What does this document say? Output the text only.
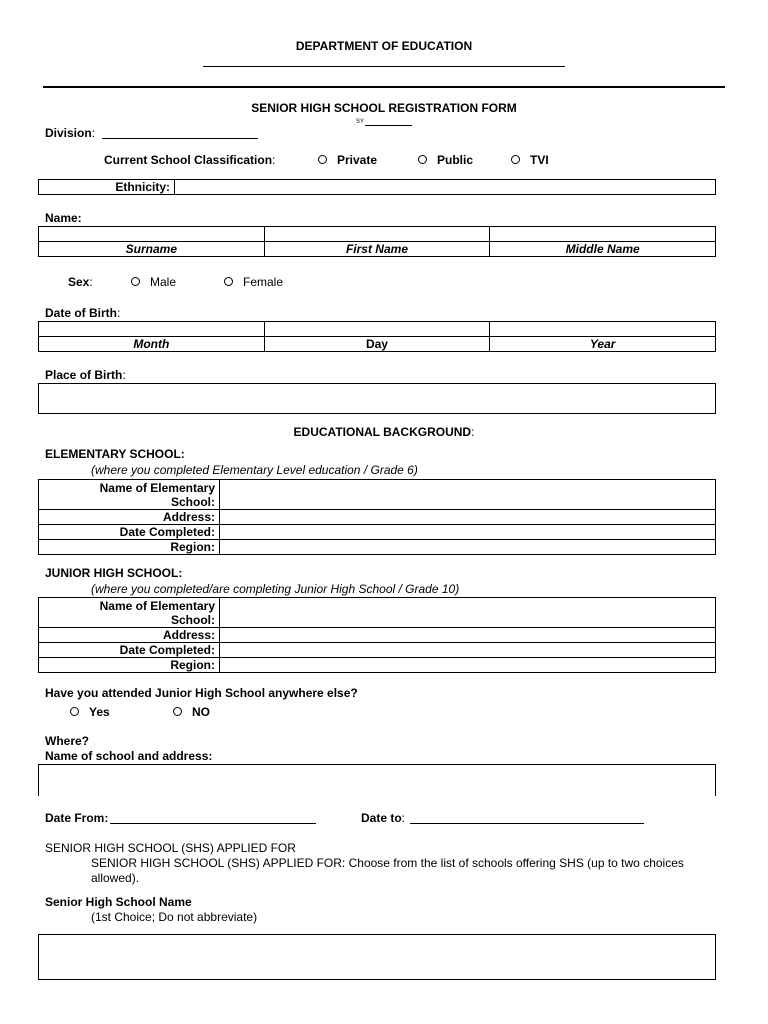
DEPARTMENT OF EDUCATION
SENIOR HIGH SCHOOL REGISTRATION FORM
SY
Division:
Current School Classification:	Private	Public	TVI
Ethnicity:	
Name:

Surname	First Name	Middle Name
Sex:	Male	Female
Date of Birth:

Month	Day	Year
Place of Birth:
EDUCATIONAL BACKGROUND:
ELEMENTARY SCHOOL:
(where you completed Elementary Level education / Grade 6)
Name of Elementary	
School:	
Address:	
Date Completed:	
Region:	
JUNIOR HIGH SCHOOL:
(where you completed/are completing Junior High School / Grade 10)
Name of Elementary	
School:	
Address:	
Date Completed:	
Region:	
Have you attended Junior High School anywhere else?
Yes	NO
Where?
Name of school and address:
Date From:	Date to:
SENIOR HIGH SCHOOL (SHS) APPLIED FOR
SENIOR HIGH SCHOOL (SHS) APPLIED FOR: Choose from the list of schools offering SHS (up to two choices
allowed).
Senior High School Name
(1st Choice; Do not abbreviate)
